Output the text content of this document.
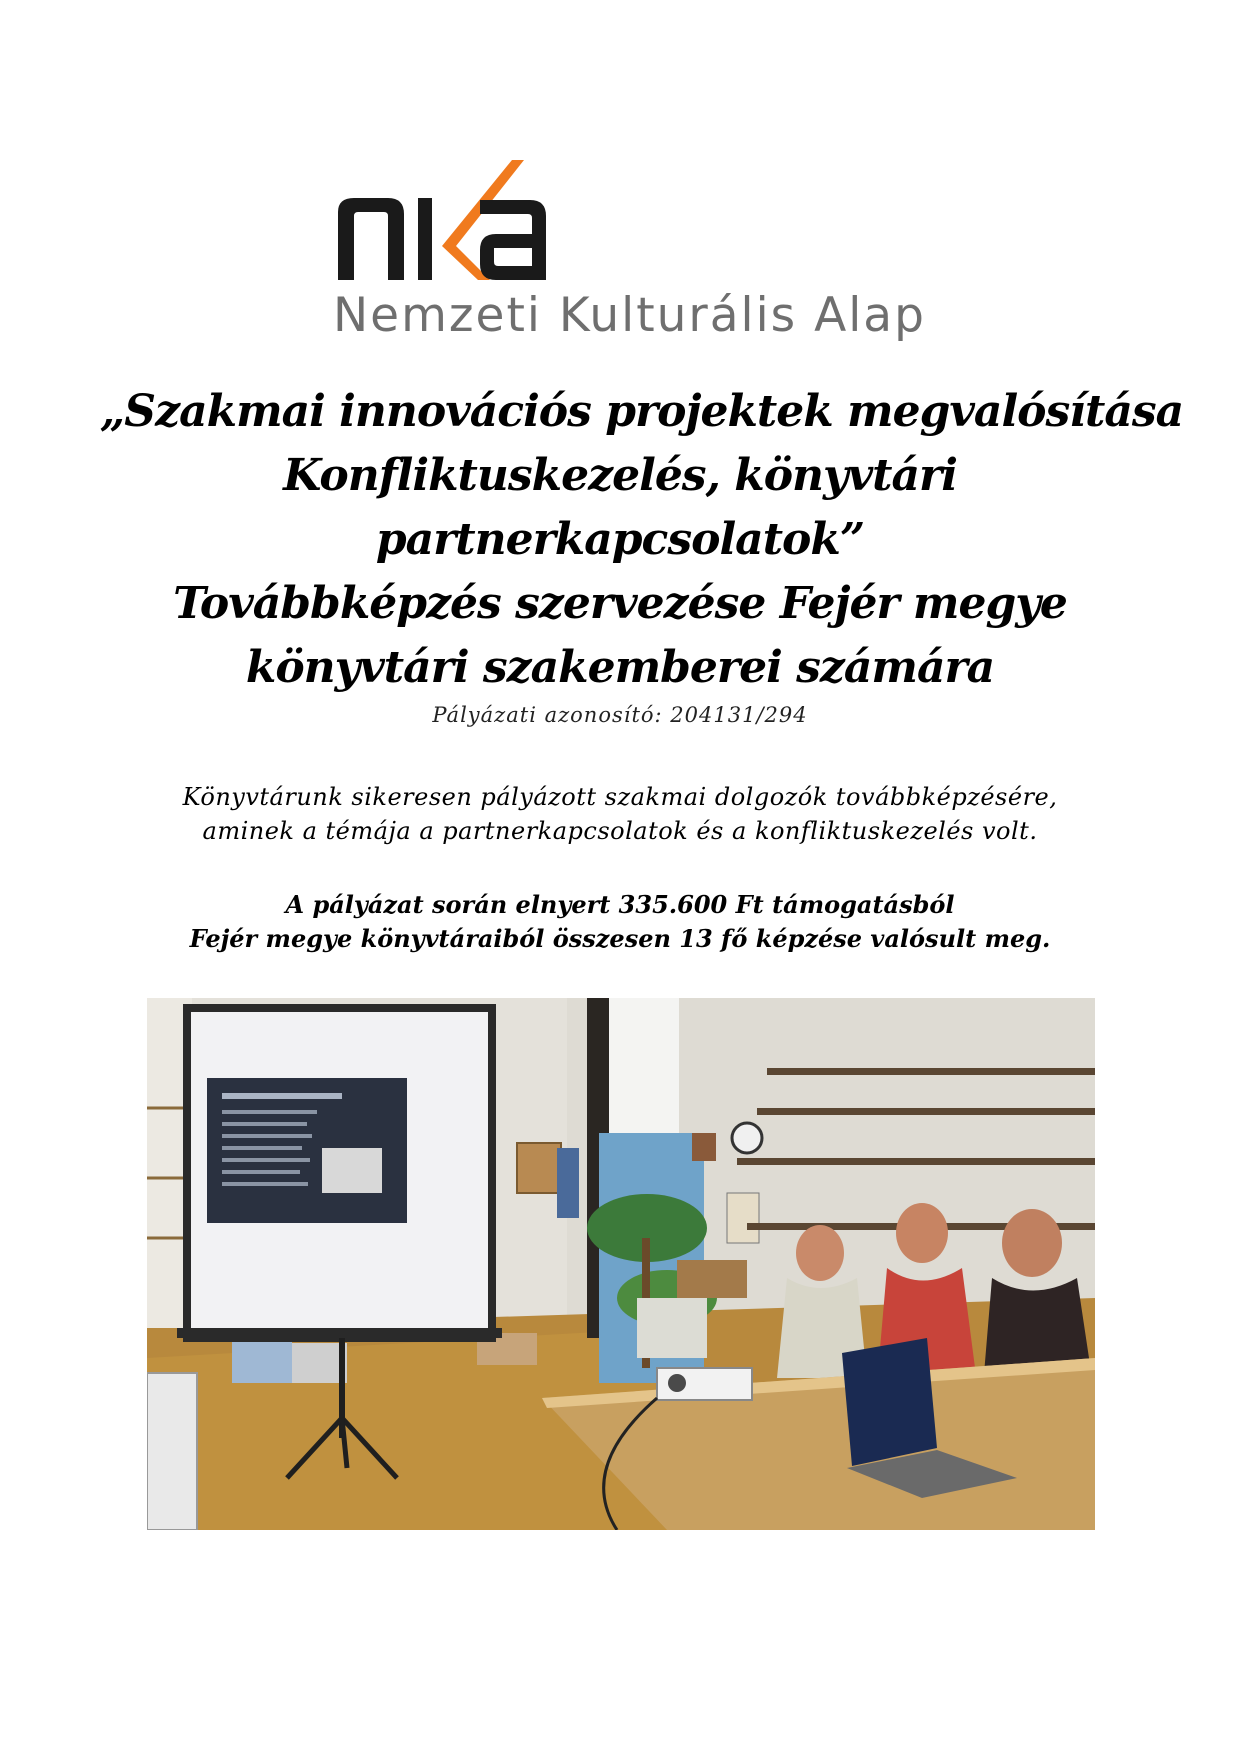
Nemzeti Kulturális Alap
„Szakmai innovációs projektek megvalósítása
Konfliktuskezelés, könyvtári
partnerkapcsolatok”
Továbbképzés szervezése Fejér megye
könyvtári szakemberei számára
Pályázati azonosító: 204131/294
Könyvtárunk sikeresen pályázott szakmai dolgozók továbbképzésére,
aminek a témája a partnerkapcsolatok és a konfliktuskezelés volt.
A pályázat során elnyert 335.600 Ft támogatásból
Fejér megye könyvtáraiból összesen 13 fő képzése valósult meg.
